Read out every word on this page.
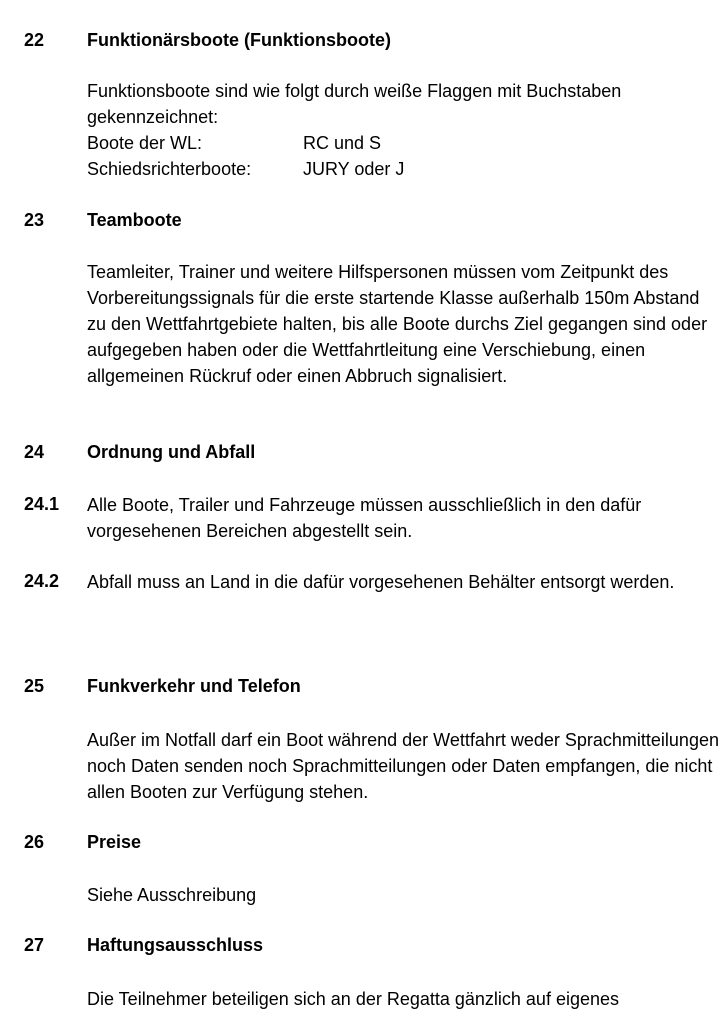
22 Funktionärsboote (Funktionsboote)
Funktionsboote sind wie folgt durch weiße Flaggen mit Buchstaben gekennzeichnet:
Boote der WL:	RC und S
Schiedsrichterboote:	JURY oder J
23 Teamboote
Teamleiter, Trainer und weitere Hilfspersonen müssen vom Zeitpunkt des Vorbereitungssignals für die erste startende Klasse außerhalb 150m Abstand zu den Wettfahrtgebiete halten, bis alle Boote durchs Ziel gegangen sind oder aufgegeben haben oder die Wettfahrtleitung eine Verschiebung, einen allgemeinen Rückruf oder einen Abbruch signalisiert.
24 Ordnung und Abfall
24.1 Alle Boote, Trailer und Fahrzeuge müssen ausschließlich in den dafür vorgesehenen Bereichen abgestellt sein.
24.2 Abfall muss an Land in die dafür vorgesehenen Behälter entsorgt werden.
25 Funkverkehr und Telefon
Außer im Notfall darf ein Boot während der Wettfahrt weder Sprachmitteilungen noch Daten senden noch Sprachmitteilungen oder Daten empfangen, die nicht allen Booten zur Verfügung stehen.
26 Preise
Siehe Ausschreibung
27 Haftungsausschluss
Die Teilnehmer beteiligen sich an der Regatta gänzlich auf eigenes
